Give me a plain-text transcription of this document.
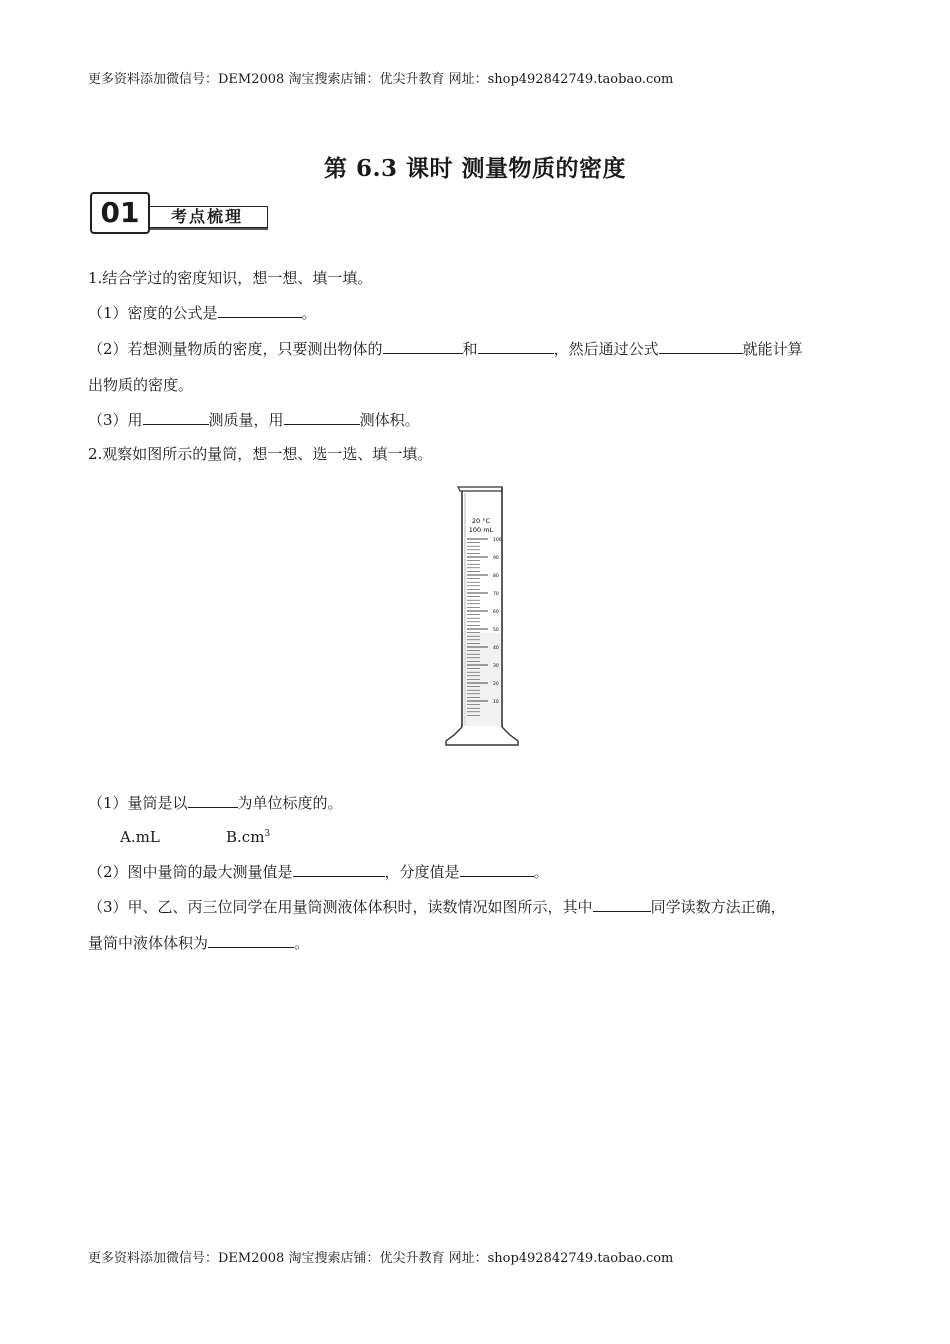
更多资料添加微信号：DEM2008 淘宝搜索店铺：优尖升教育 网址：shop492842749.taobao.com
第 6.3 课时 测量物质的密度
01	考点梳理
1.结合学过的密度知识，想一想、填一填。
（1）密度的公式是	。
（2）若想测量物质的密度，只要测出物体的	和	，然后通过公式	就能计算
出物质的密度。
（3）用	测质量，用	测体积。
2.观察如图所示的量筒，想一想、选一选、填一填。
20 °C
100 mL
100
90
80
70
60
50
40
30
20
10
（1）量筒是以	为单位标度的。
A.mL	$B.cm^3$
（2）图中量筒的最大测量值是	，分度值是	。
（3）甲、乙、丙三位同学在用量筒测液体体积时，读数情况如图所示，其中	同学读数方法正确，
量筒中液体体积为	。
更多资料添加微信号：DEM2008 淘宝搜索店铺：优尖升教育 网址：shop492842749.taobao.com
